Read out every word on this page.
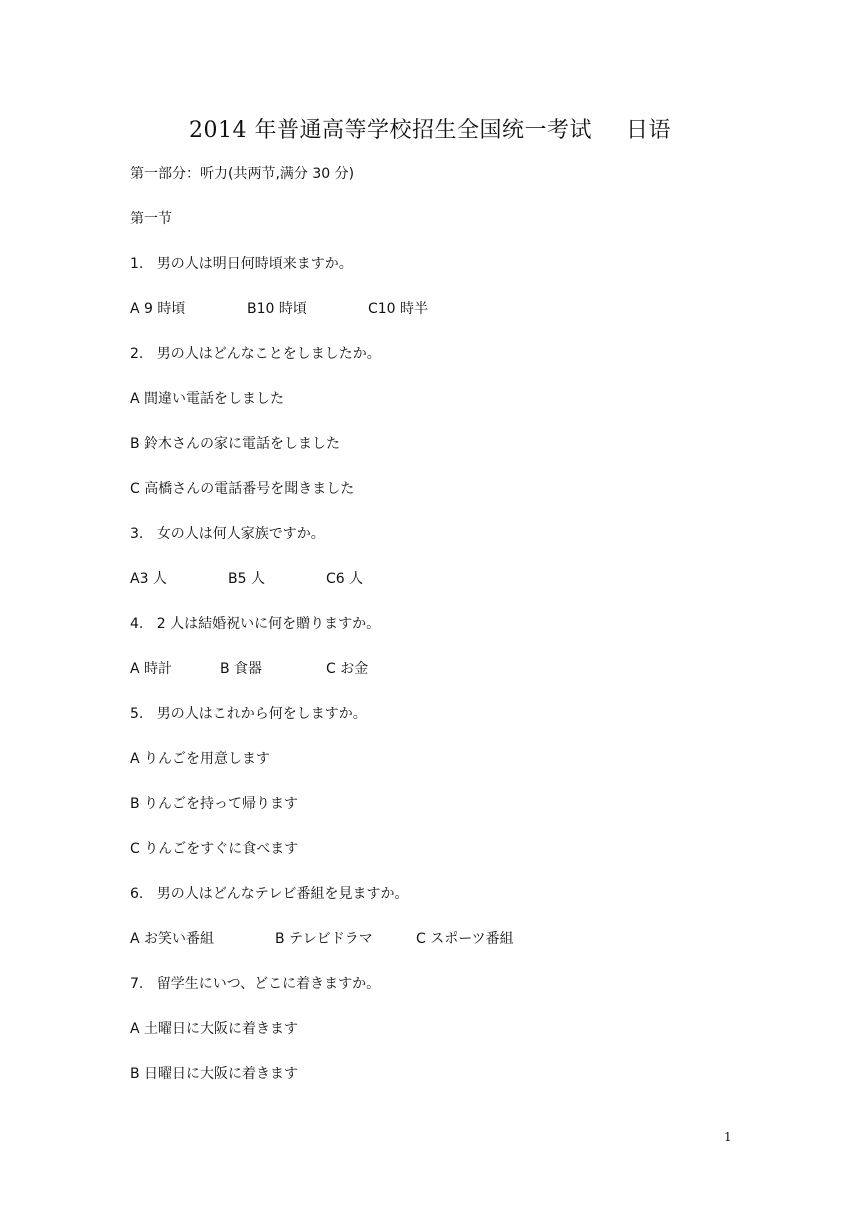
2014 年普通高等学校招生全国统一考试 日语
第一部分：听力(共两节,满分 30 分)
第一节
1. 男の人は明日何時頃来ますか。
A 9 時頃	B10 時頃	C10 時半
2. 男の人はどんなことをしましたか。
A 間違い電話をしました
B 鈴木さんの家に電話をしました
C 高橋さんの電話番号を聞きました
3. 女の人は何人家族ですか。
A3 人	B5 人	C6 人
4. 2 人は結婚祝いに何を贈りますか。
A 時計	B 食器	C お金
5. 男の人はこれから何をしますか。
A りんごを用意します
B りんごを持って帰ります
C りんごをすぐに食べます
6. 男の人はどんなテレビ番組を見ますか。
A お笑い番組	B テレビドラマ	C スポーツ番組
7. 留学生にいつ、どこに着きますか。
A 土曜日に大阪に着きます
B 日曜日に大阪に着きます
1
